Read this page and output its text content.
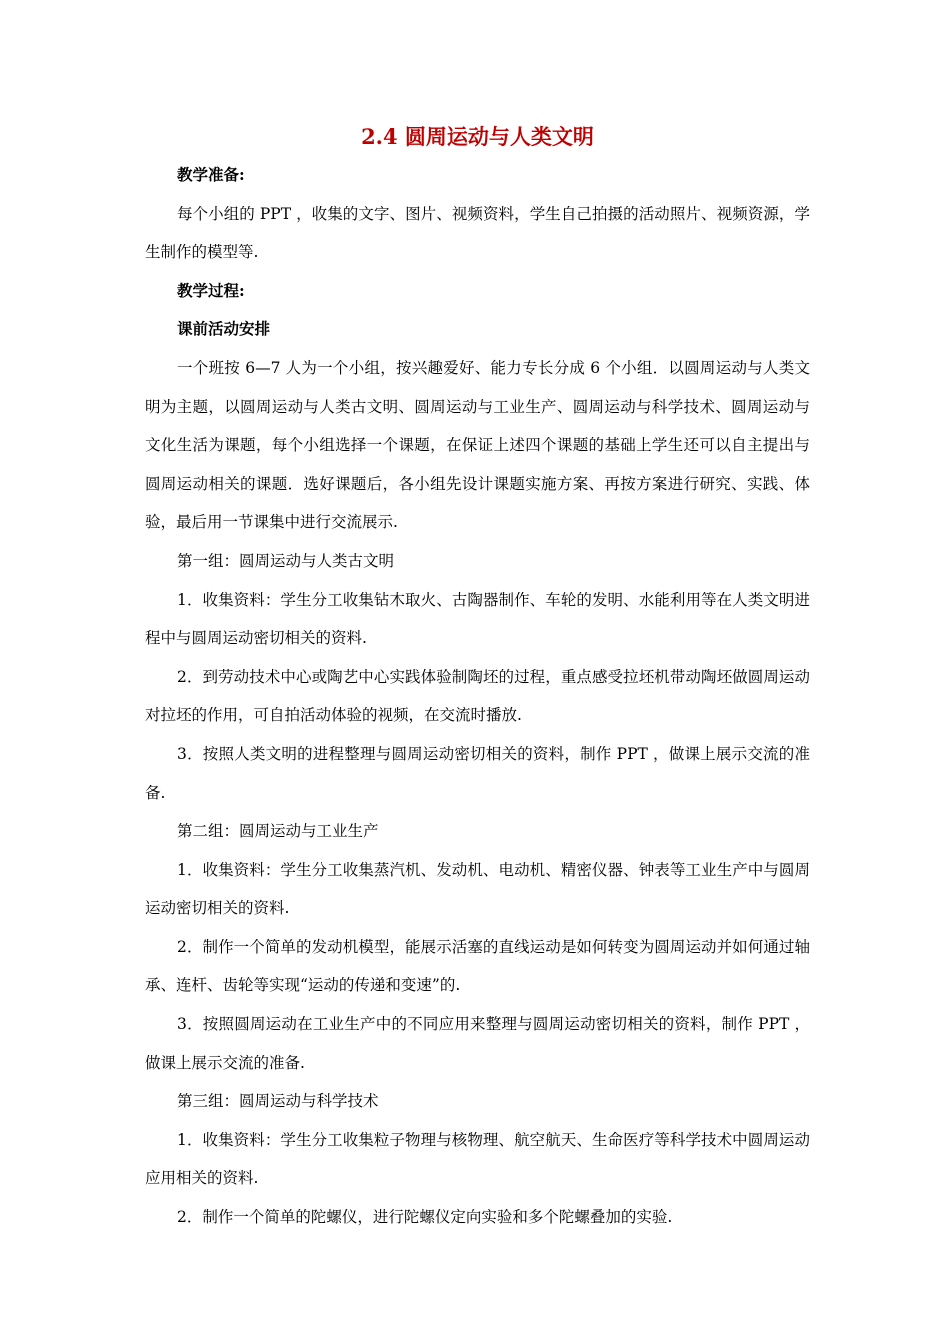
2.4 圆周运动与人类文明

教学准备:

每个小组的 PPT ，收集的文字、图片、视频资料，学生自己拍摄的活动照片、视频资源，学生制作的模型等.

教学过程:

课前活动安排

一个班按 6—7 人为一个小组，按兴趣爱好、能力专长分成 6 个小组．以圆周运动与人类文明为主题，以圆周运动与人类古文明、圆周运动与工业生产、圆周运动与科学技术、圆周运动与文化生活为课题，每个小组选择一个课题，在保证上述四个课题的基础上学生还可以自主提出与圆周运动相关的课题．选好课题后，各小组先设计课题实施方案、再按方案进行研究、实践、体验，最后用一节课集中进行交流展示.

第一组：圆周运动与人类古文明

1．收集资料：学生分工收集钻木取火、古陶器制作、车轮的发明、水能利用等在人类文明进程中与圆周运动密切相关的资料.

2．到劳动技术中心或陶艺中心实践体验制陶坯的过程，重点感受拉坯机带动陶坯做圆周运动对拉坯的作用，可自拍活动体验的视频，在交流时播放.

3．按照人类文明的进程整理与圆周运动密切相关的资料，制作 PPT ，做课上展示交流的准备.

第二组：圆周运动与工业生产

1．收集资料：学生分工收集蒸汽机、发动机、电动机、精密仪器、钟表等工业生产中与圆周运动密切相关的资料.

2．制作一个简单的发动机模型，能展示活塞的直线运动是如何转变为圆周运动并如何通过轴承、连杆、齿轮等实现“运动的传递和变速”的.

3．按照圆周运动在工业生产中的不同应用来整理与圆周运动密切相关的资料，制作 PPT ，做课上展示交流的准备.

第三组：圆周运动与科学技术

1．收集资料：学生分工收集粒子物理与核物理、航空航天、生命医疗等科学技术中圆周运动应用相关的资料.

2．制作一个简单的陀螺仪，进行陀螺仪定向实验和多个陀螺叠加的实验.
